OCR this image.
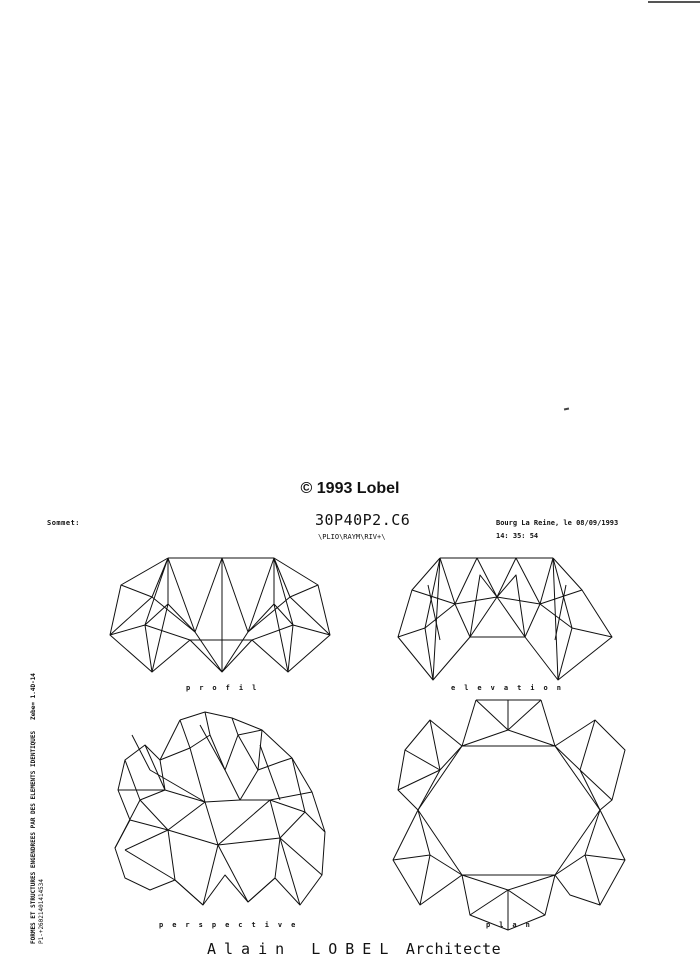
© 1993 Lobel
Sommet:	30P40P2.C6
\PLIO\RAYM\RIV+\
Bourg La Reine, le 08/09/1993
14: 35: 54
FORMES ET STRUCTURES ENGENDREES PAR DES ELEMENTS IDENTIQUES   Zebe= 1.4D-14 P1-+26021401414534
profil	elevation
perspective	plan
Alain LOBEL Architecte
